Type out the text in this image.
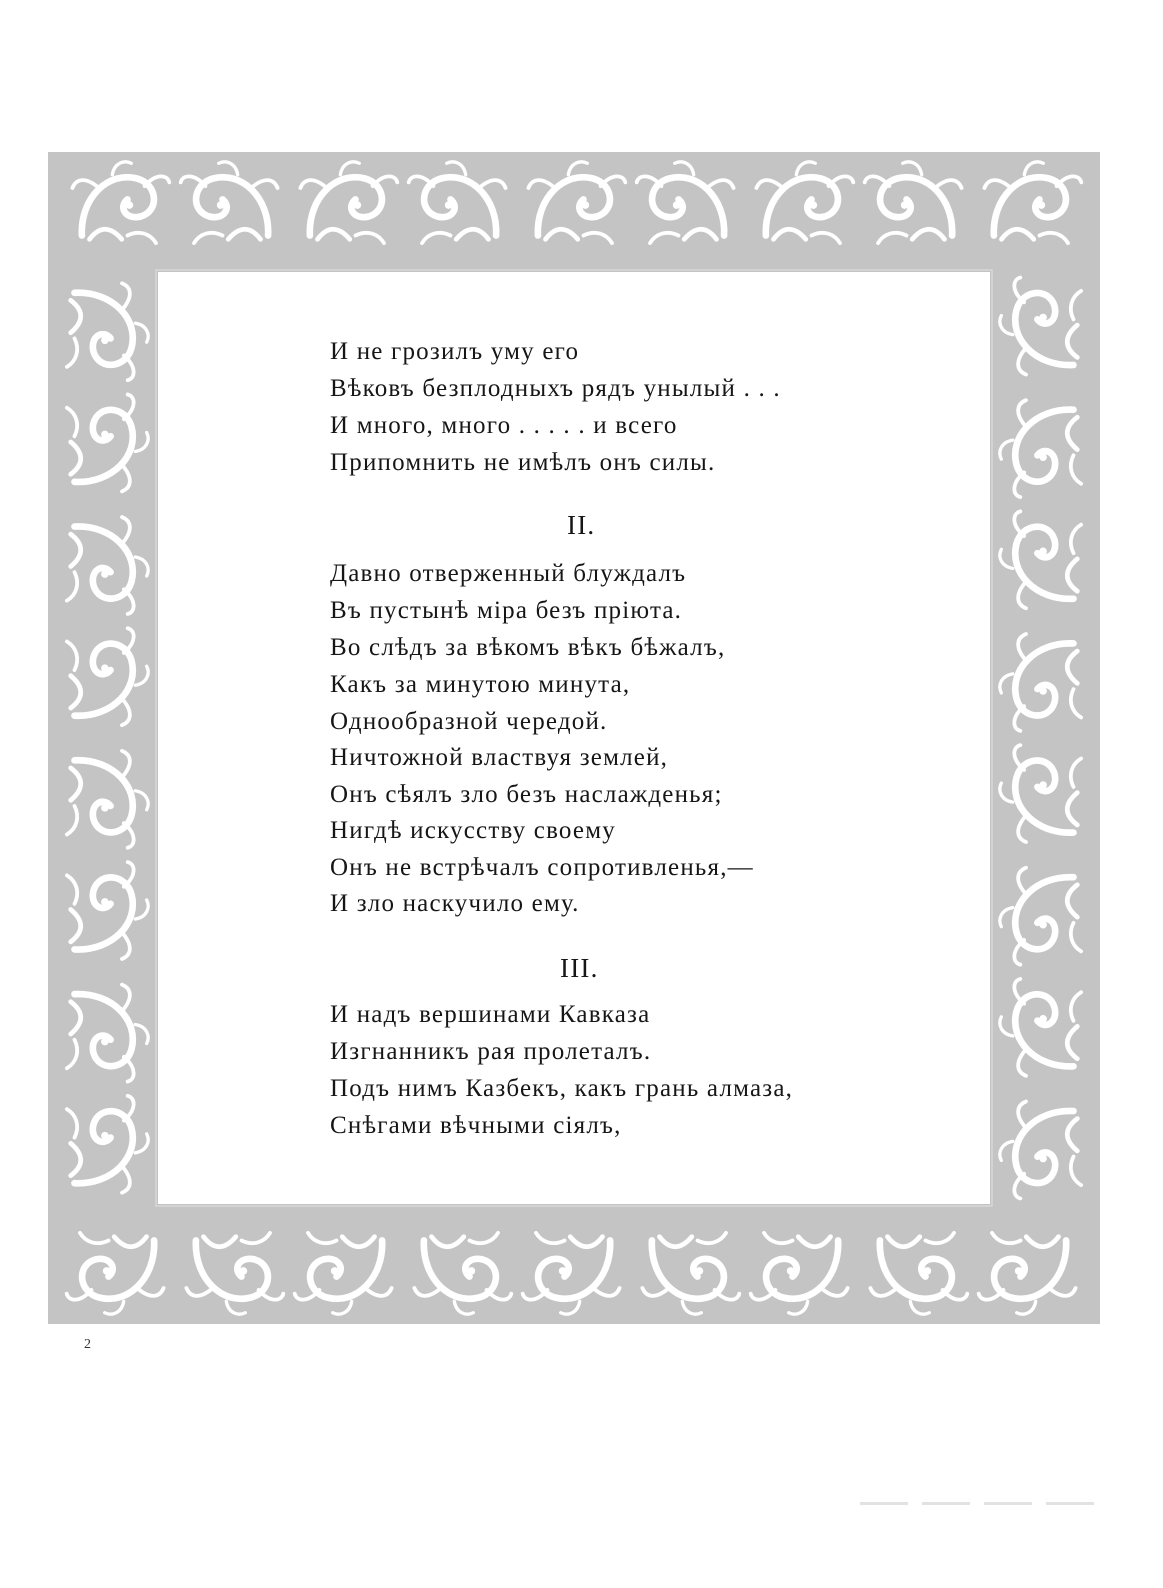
И не грозилъ уму его
Вѣковъ безплодныхъ рядъ унылый . . .
И много, много . . . . . и всего
Припомнить не имѣлъ онъ силы.
II.
Давно отверженный блуждалъ
Въ пустынѣ міра безъ пріюта.
Во слѣдъ за вѣкомъ вѣкъ бѣжалъ,
Какъ за минутою минута,
Однообразной чередой.
Ничтожной властвуя землей,
Онъ сѣялъ зло безъ наслажденья;
Нигдѣ искусству своему
Онъ не встрѣчалъ сопротивленья,—
И зло наскучило ему.
III.
И надъ вершинами Кавказа
Изгнанникъ рая пролеталъ.
Подъ нимъ Казбекъ, какъ грань алмаза,
Снѣгами вѣчными сіялъ,
2
